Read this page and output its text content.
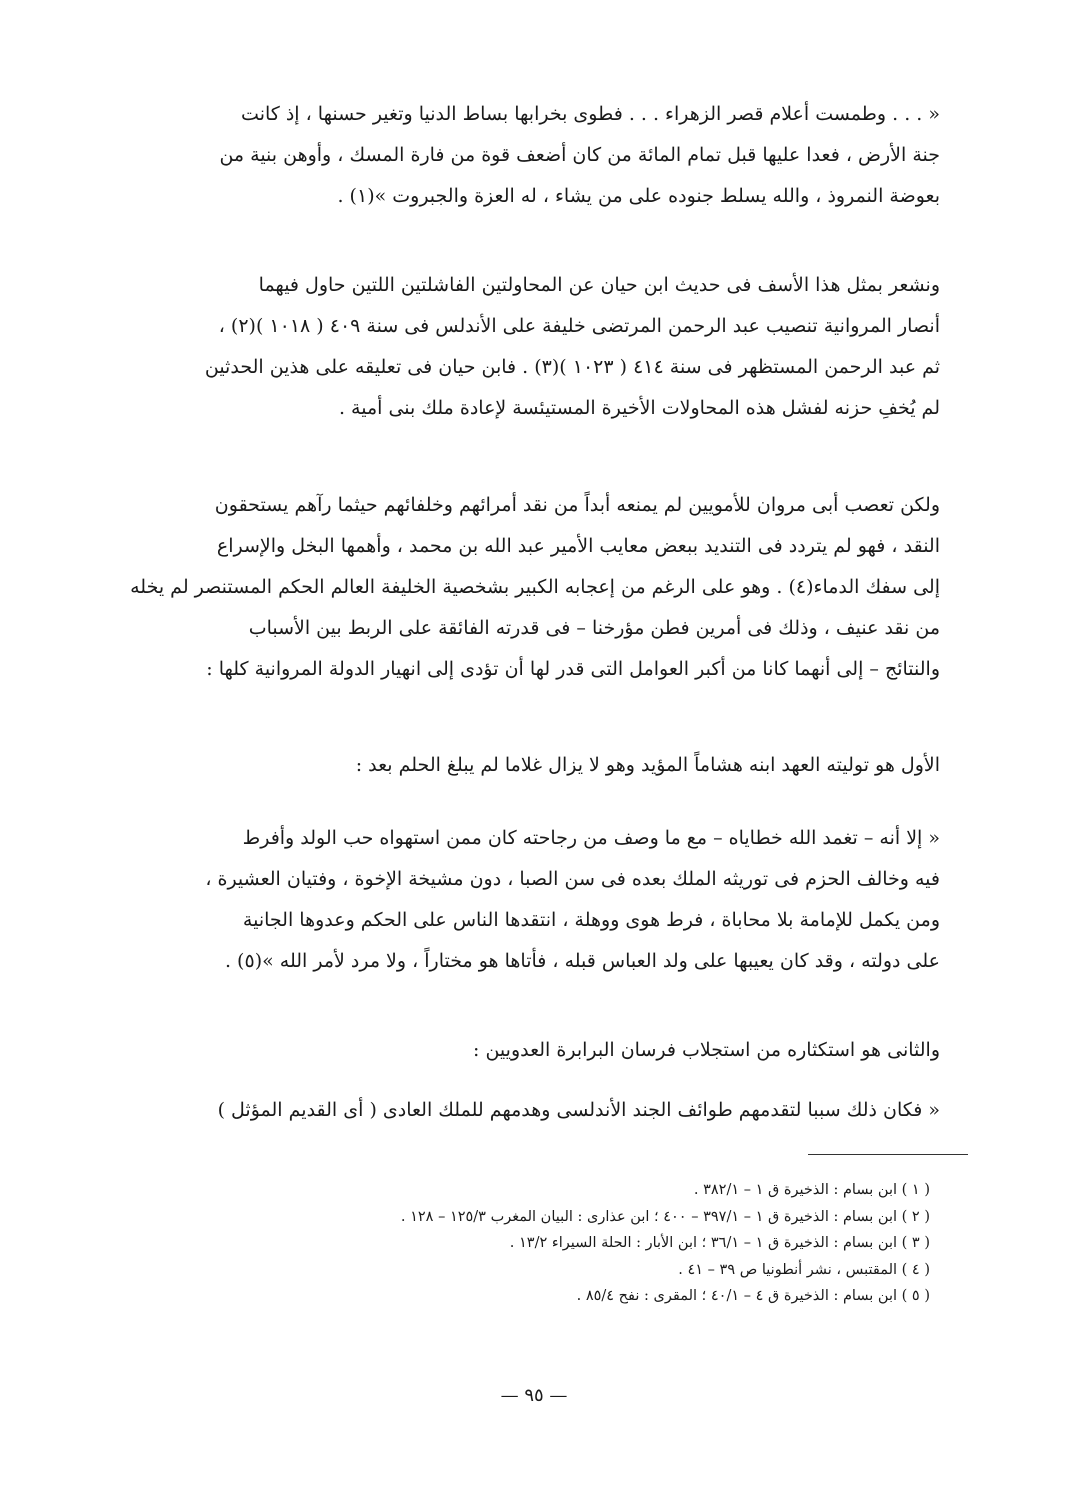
« . . . وطمست أعلام قصر الزهراء . . . فطوى بخرابها بساط الدنيا وتغير حسنها ، إذ كانت
جنة الأرض ، فعدا عليها قبل تمام المائة من كان أضعف قوة من فارة المسك ، وأوهن بنية من
بعوضة النمروذ ، والله يسلط جنوده على من يشاء ، له العزة والجبروت »(١) .

ونشعر بمثل هذا الأسف فى حديث ابن حيان عن المحاولتين الفاشلتين اللتين حاول فيهما
أنصار المروانية تنصيب عبد الرحمن المرتضى خليفة على الأندلس فى سنة ٤٠٩ ( ١٠١٨ )(٢) ،
ثم عبد الرحمن المستظهر فى سنة ٤١٤ ( ١٠٢٣ )(٣) . فابن حيان فى تعليقه على هذين الحدثين
لم يُخفِ حزنه لفشل هذه المحاولات الأخيرة المستيئسة لإعادة ملك بنى أمية .

ولكن تعصب أبى مروان للأمويين لم يمنعه أبداً من نقد أمرائهم وخلفائهم حيثما رآهم يستحقون
النقد ، فهو لم يتردد فى التنديد ببعض معايب الأمير عبد الله بن محمد ، وأهمها البخل والإسراع
إلى سفك الدماء(٤) . وهو على الرغم من إعجابه الكبير بشخصية الخليفة العالم الحكم المستنصر لم يخله
من نقد عنيف ، وذلك فى أمرين فطن مؤرخنا – فى قدرته الفائقة على الربط بين الأسباب
والنتائج – إلى أنهما كانا من أكبر العوامل التى قدر لها أن تؤدى إلى انهيار الدولة المروانية كلها :

الأول هو توليته العهد ابنه هشاماً المؤيد وهو لا يزال غلاما لم يبلغ الحلم بعد :

« إلا أنه – تغمد الله خطاياه – مع ما وصف من رجاحته كان ممن استهواه حب الولد وأفرط
فيه وخالف الحزم فى توريثه الملك بعده فى سن الصبا ، دون مشيخة الإخوة ، وفتيان العشيرة ،
ومن يكمل للإمامة بلا محاباة ، فرط هوى ووهلة ، انتقدها الناس على الحكم وعدوها الجانية
على دولته ، وقد كان يعيبها على ولد العباس قبله ، فأتاها هو مختاراً ، ولا مرد لأمر الله »(٥) .

والثانى هو استكثاره من استجلاب فرسان البرابرة العدويين :

« فكان ذلك سببا لتقدمهم طوائف الجند الأندلسى وهدمهم للملك العادى ( أى القديم المؤثل )

( ١ ) ابن بسام : الذخيرة ق ١ – ٣٨٢/١ .
( ٢ ) ابن بسام : الذخيرة ق ١ – ٣٩٧/١ – ٤٠٠ ؛ ابن عذارى : البيان المغرب ١٢٥/٣ – ١٢٨ .
( ٣ ) ابن بسام : الذخيرة ق ١ – ٣٦/١ ؛ ابن الأبار : الحلة السيراء ١٣/٢ .
( ٤ ) المقتبس ، نشر أنطونيا ص ٣٩ – ٤١ .
( ٥ ) ابن بسام : الذخيرة ق ٤ – ٤٠/١ ؛ المقرى : نفح ٨٥/٤ .
— ٩٥ —
